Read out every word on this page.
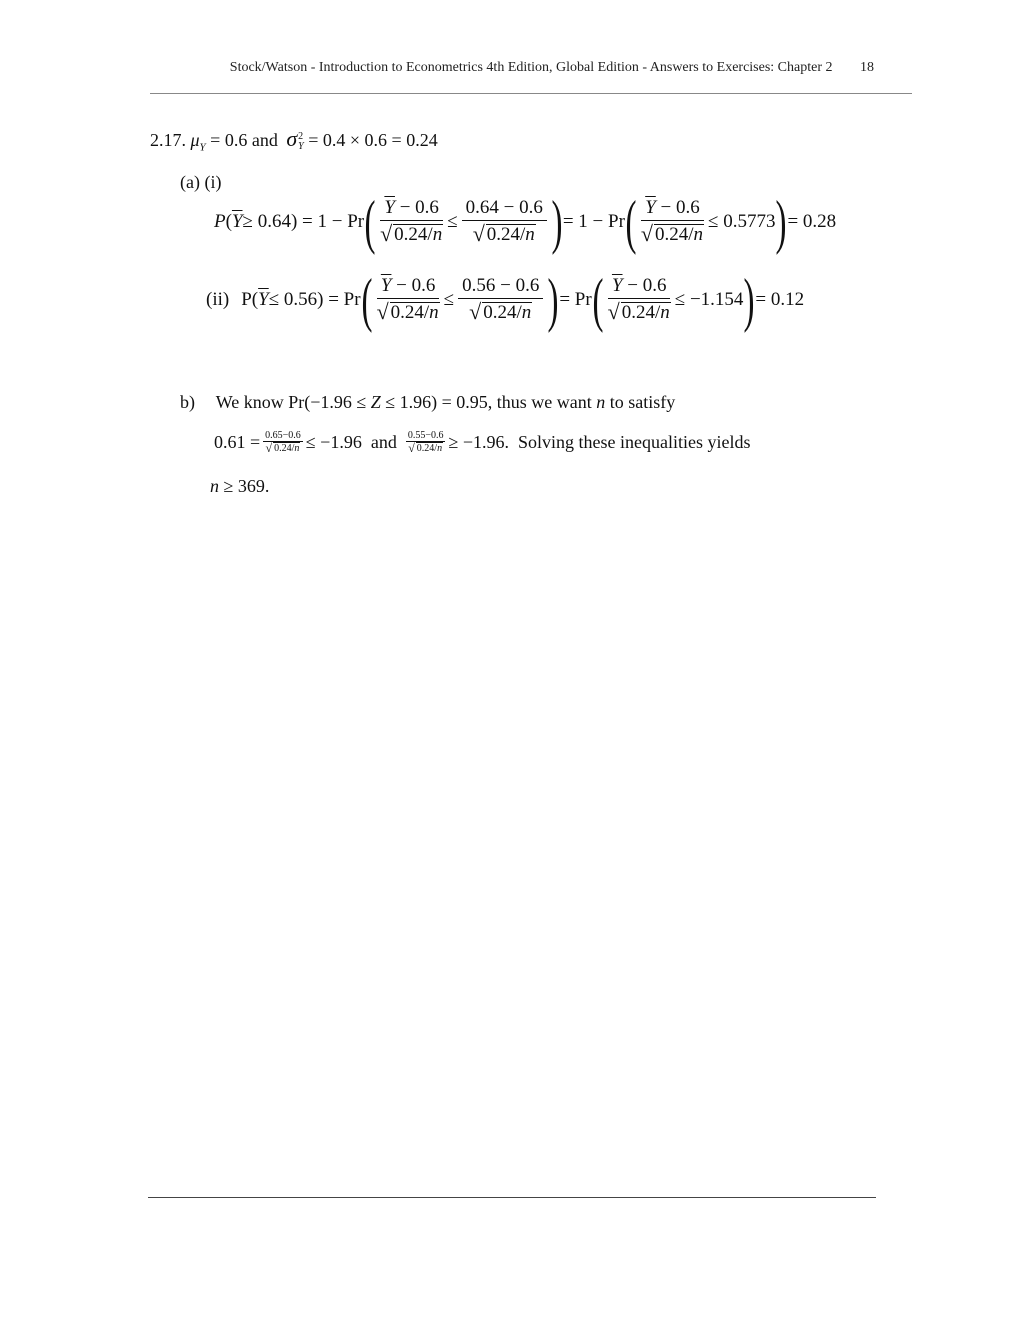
Stock/Watson - Introduction to Econometrics 4th Edition, Global Edition - Answers to Exercises: Chapter 2 18
2.17. $\mu_Y = 0.6$ and σ 2
Y = 0.4 × 0.6 = 0.24
(a) (i)
P ( $\overline{Y} \ge 0.64) = 1 - Pr$ ( $\frac{\overline{Y} - 0.6}{√ 0.24/n} \le \frac{0.64 - 0.6}{√ 0.24/n}$ ) = 1 − Pr ( $\frac{\overline{Y} - 0.6}{√ 0.24/n} \le 0.5773$ ) = 0.28
(ii) P( $\overline{Y} \le 0.56) = Pr$ ( $\frac{\overline{Y} - 0.6}{√ 0.24/n} \le \frac{0.56 - 0.6}{√ 0.24/n}$ ) = Pr ( $\frac{\overline{Y} - 0.6}{√ 0.24/n} \le -1.154$ ) = 0.12
b) We know Pr(−1.96 ≤ Z ≤ 1.96) = 0.95, thus we want n to satisfy
$0.61 = \frac{0.65-0.6}{√ 0.24/n} \le -1.96$  and $\frac{0.55-0.6}{√ 0.24/n} \ge -1.96$.  Solving these inequalities yields
n ≥ 369.
